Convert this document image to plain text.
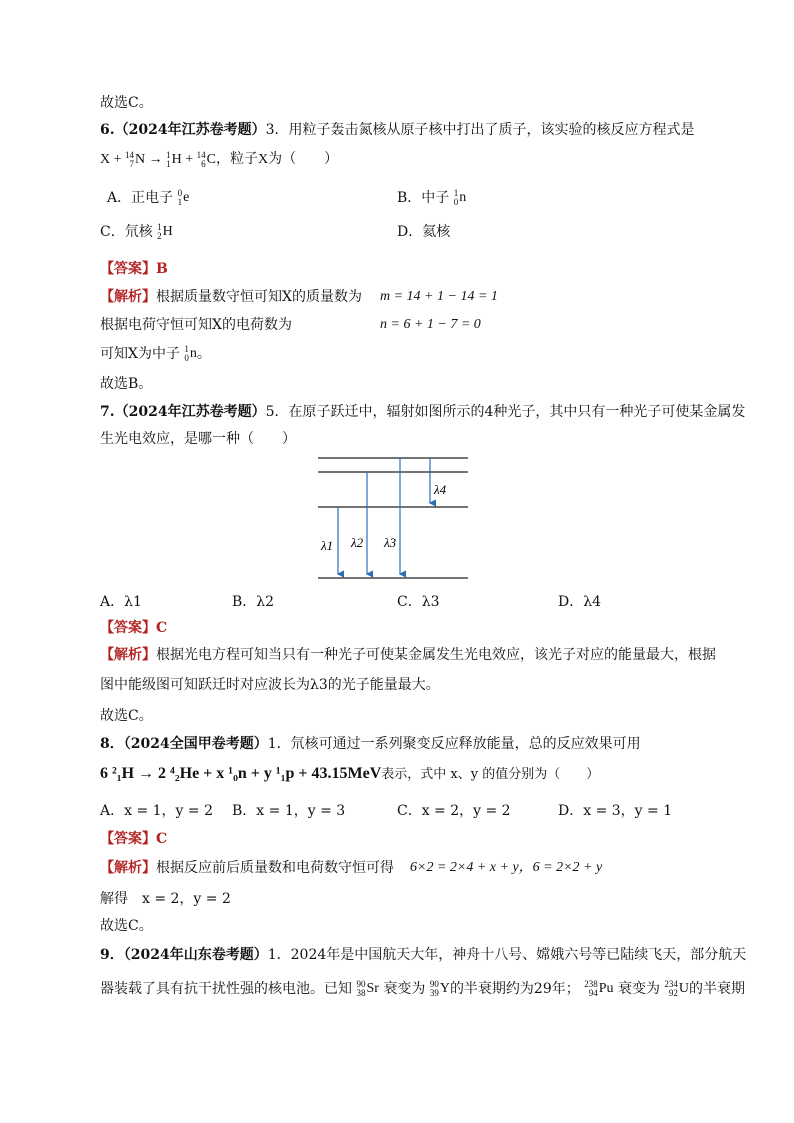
故选C。
6.（2024年江苏卷考题）3．用粒子轰击氮核从原子核中打出了质子，该实验的核反应方程式是
X + 14
7 N → 1
1 H + 14
6 C，粒子X为（　　）
A．正电子 0
1 e	B．中子 1
0 n
C．氘核 1
2 H	D．氦核
【答案】B
【解析】根据质量数守恒可知X的质量数为 m = 14 + 1 − 14 = 1
根据电荷守恒可知X的电荷数为	n = 6 + 1 − 7 = 0
可知X为中子 1
0 n 。
故选B。
7.（2024年江苏卷考题）5．在原子跃迁中，辐射如图所示的4种光子，其中只有一种光子可使某金属发
生光电效应，是哪一种（　　）
λ1 λ2 λ3
λ4
A．λ1	B．λ2	C．λ3	D．λ4
【答案】C
【解析】根据光电方程可知当只有一种光子可使某金属发生光电效应，该光子对应的能量最大，根据
图中能级图可知跃迁时对应波长为λ3的光子能量最大。
故选C。
8．（2024全国甲卷考题）1．氘核可通过一系列聚变反应释放能量，总的反应效果可用
6 ²₁H → 2 ⁴₂He + x ¹₀n + y ¹₁p + 43.15MeV表示，式中 x、y 的值分别为（　　）
A．x = 1，y = 2 B．x = 1，y = 3	C．x = 2，y = 2	D．x = 3，y = 1
【答案】C
【解析】根据反应前后质量数和电荷数守恒可得 6×2 = 2×4 + x + y，6 = 2×2 + y
解得　x = 2，y = 2
故选C。
9．（2024年山东卷考题）1．2024年是中国航天大年，神舟十八号、嫦娥六号等已陆续飞天，部分航天
器装载了具有抗干扰性强的核电池。已知 90
38 Sr 衰变为 90
39 Y的半衰期约为29年； 238
94 Pu 衰变为 234
92 U的半衰期
